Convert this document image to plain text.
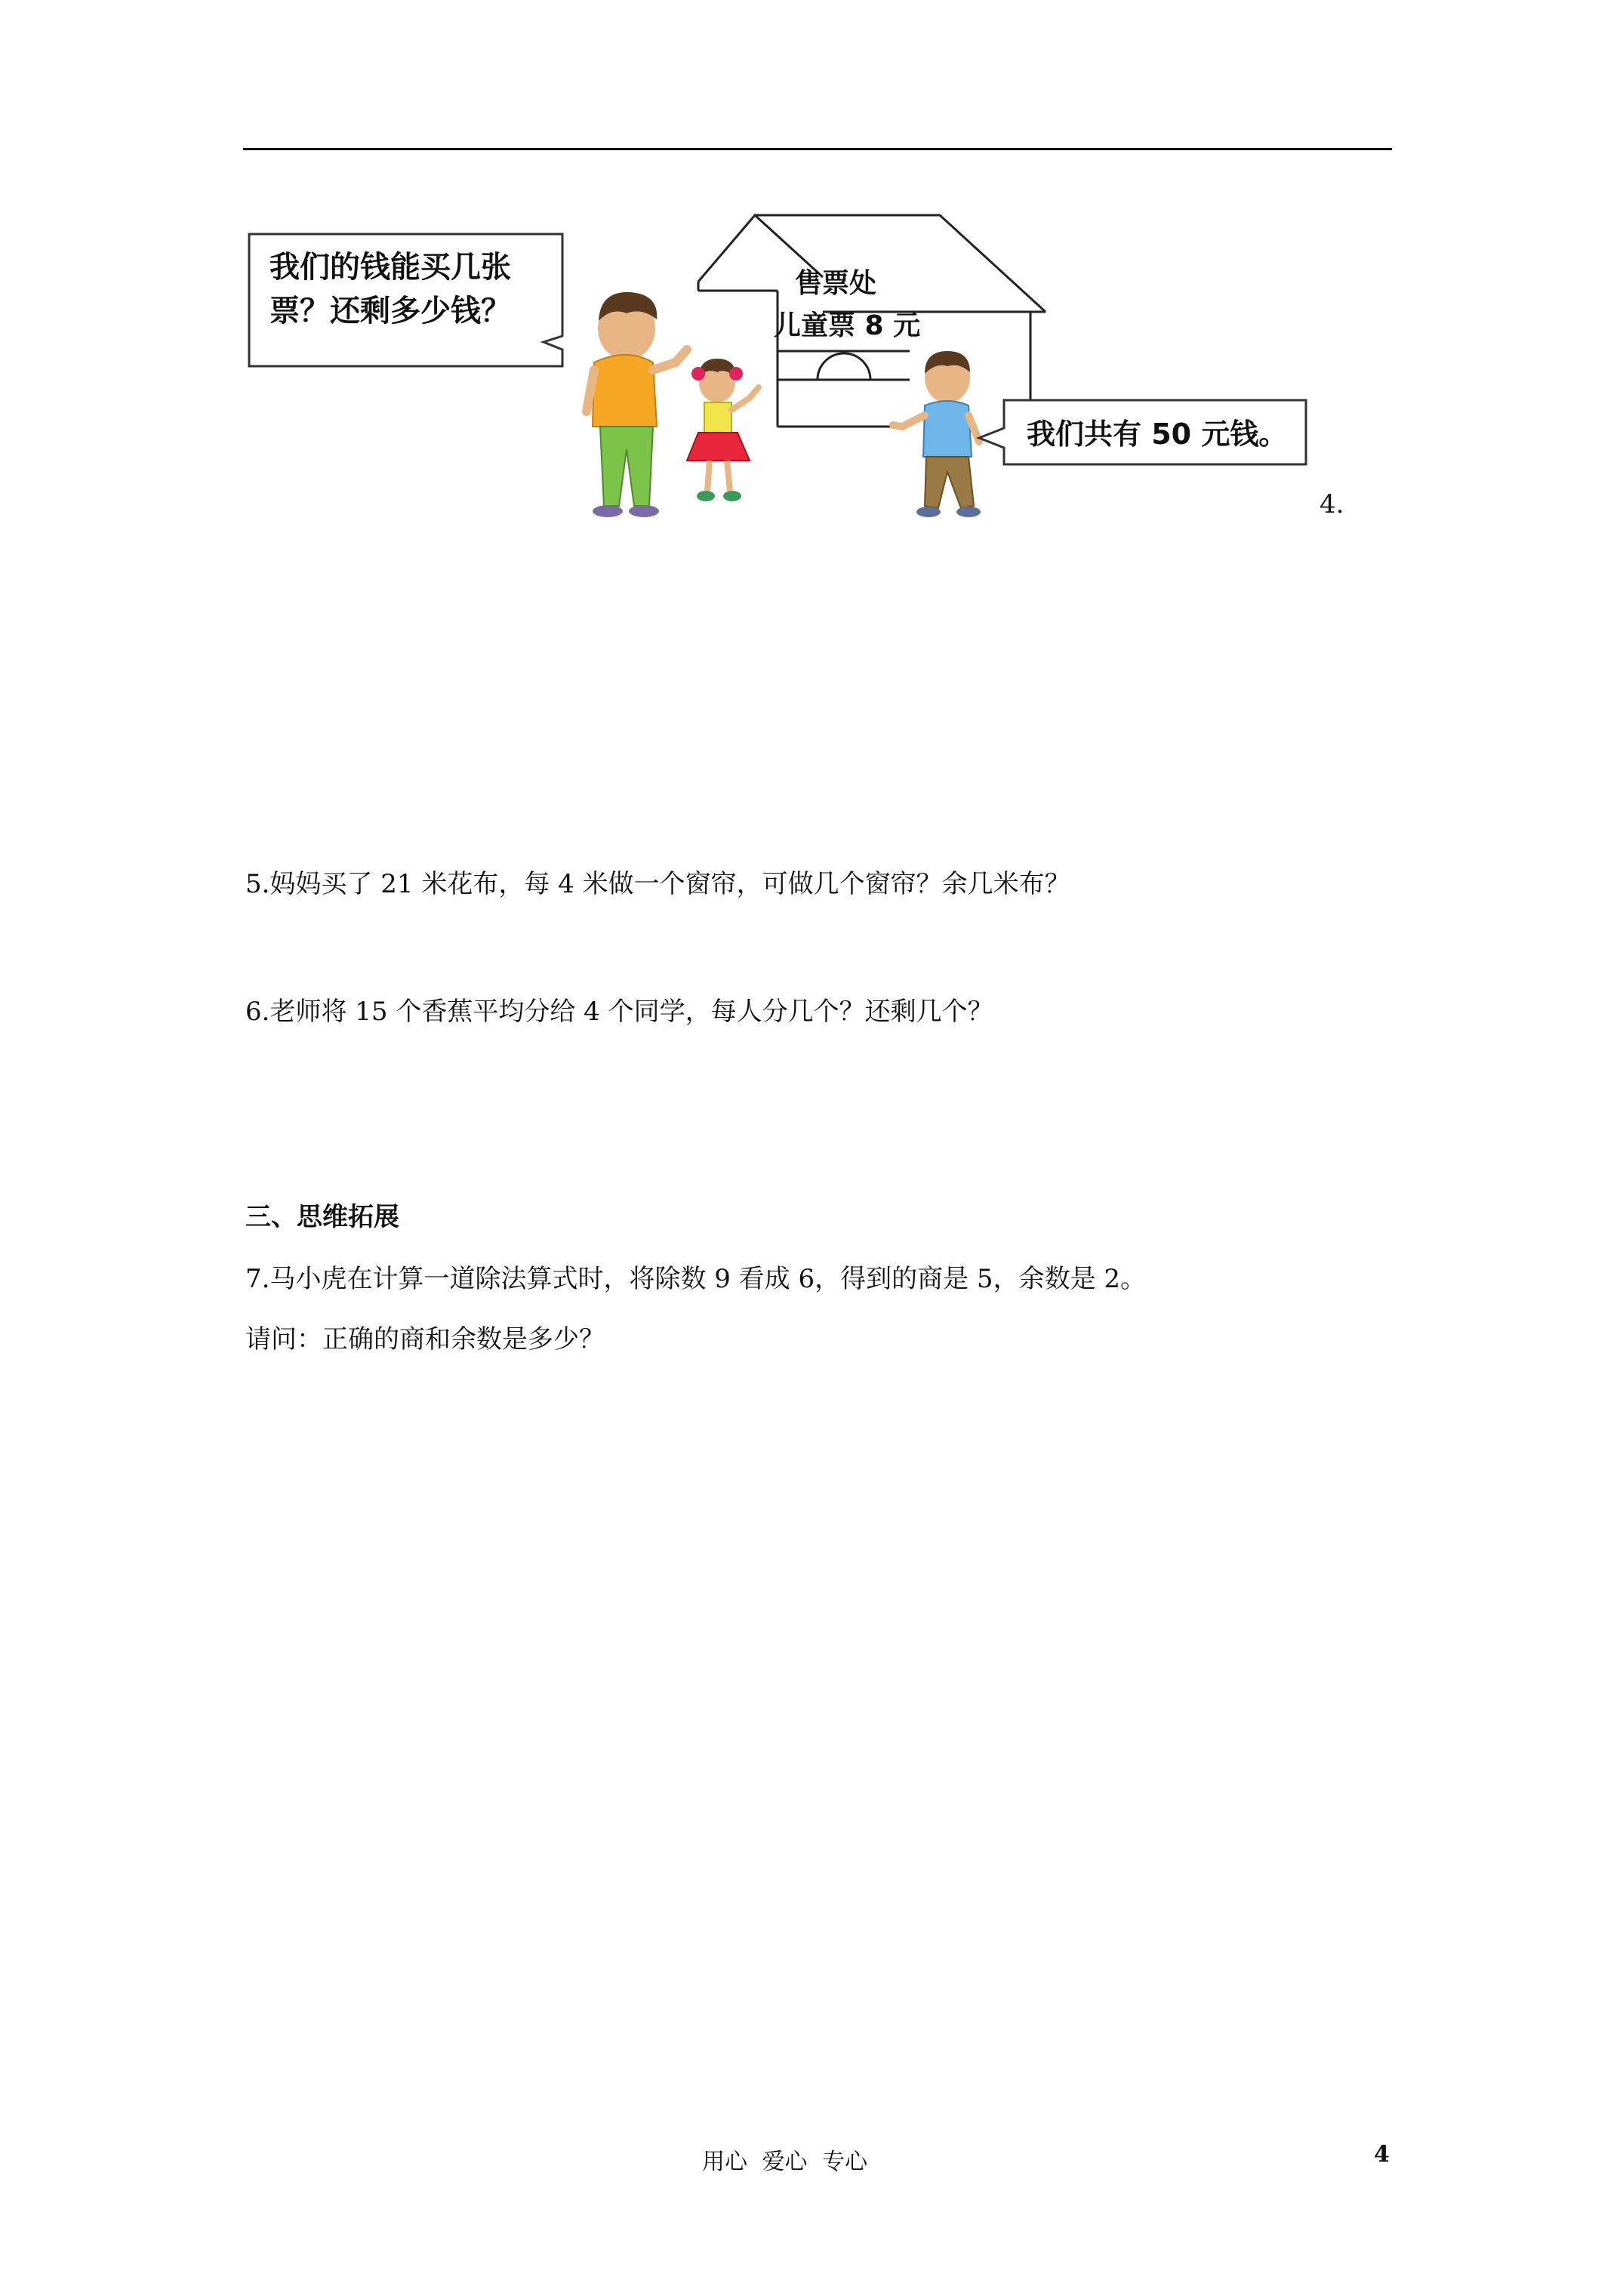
我们的钱能买几张
票？还剩多少钱？
售票处
儿童票 8 元
我们共有 50 元钱。
4.
5.妈妈买了 21 米花布，每 4 米做一个窗帘，可做几个窗帘？余几米布？
6.老师将 15 个香蕉平均分给 4 个同学，每人分几个？还剩几个？
三、思维拓展
7.马小虎在计算一道除法算式时，将除数 9 看成 6，得到的商是 5，余数是 2。
请问：正确的商和余数是多少？
用心 爱心 专心	4
